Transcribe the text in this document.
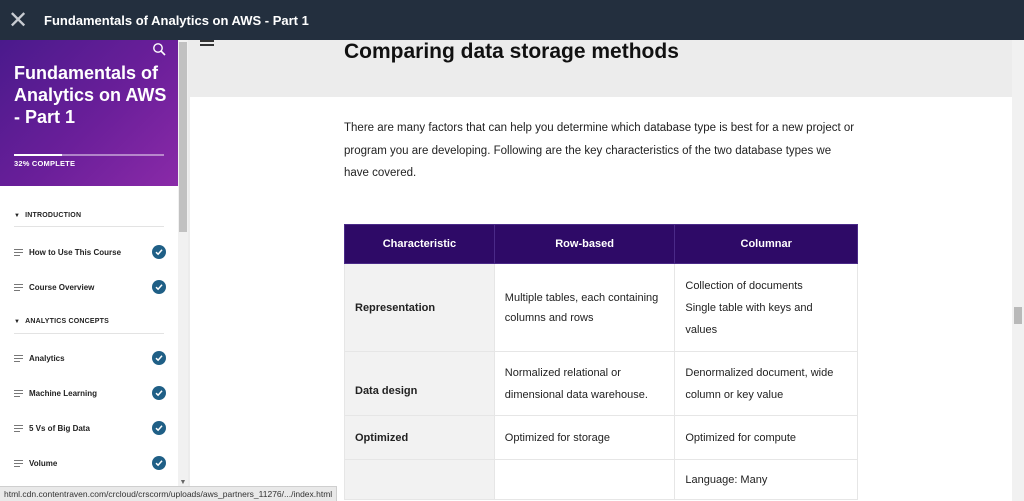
✕	Fundamentals of Analytics on AWS - Part 1
Fundamentals of Analytics on AWS - Part 1
32% COMPLETE
▼ INTRODUCTION
How to Use This Course
Course Overview
▼ ANALYTICS CONCEPTS
Analytics
Machine Learning
5 Vs of Big Data
Volume
▼
Comparing data storage methods
There are many factors that can help you determine which database type is best for a new project or program you are developing. Following are the key characteristics of the two database types we have covered.
Characteristic	Row-based	Columnar
Representation	Multiple tables, each containing columns and rows	Collection of documents
Single table with keys and values

Data design	Normalized relational or dimensional data warehouse.	Denormalized document, wide column or key value
Optimized	Optimized for storage	Optimized for compute
		Language: Many
html.cdn.contentraven.com/crcloud/crscorm/uploads/aws_partners_11276/.../index.html
